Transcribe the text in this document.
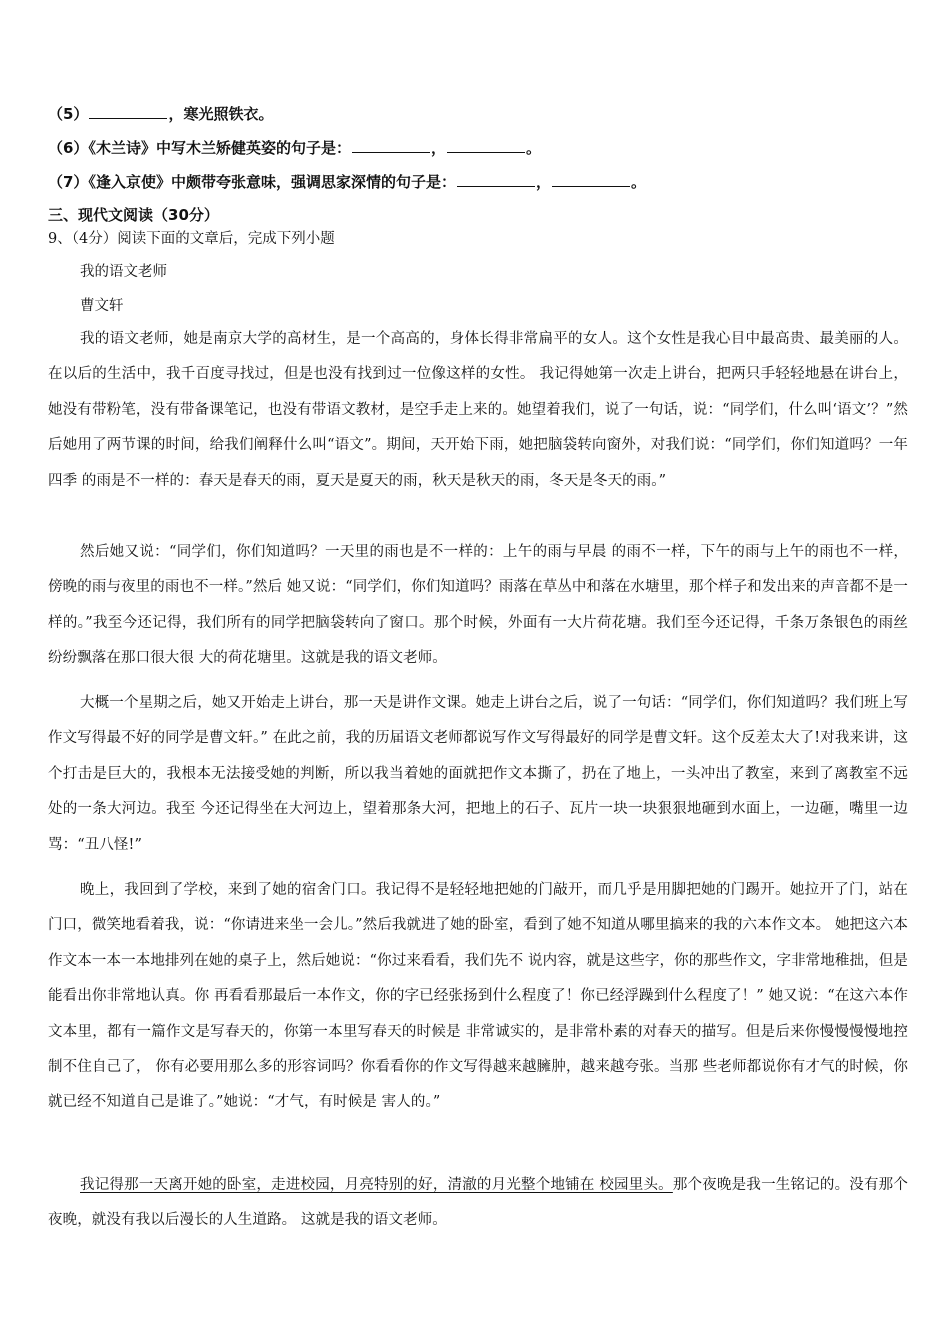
（5）	，寒光照铁衣。
（6）《木兰诗》中写木兰矫健英姿的句子是：	，	。
（7）《逢入京使》中颇带夸张意味，强调思家深情的句子是：	，	。
三、现代文阅读（30分）
9、（4分）阅读下面的文章后，完成下列小题
我的语文老师
曹文轩

我的语文老师，她是南京大学的高材生，是一个高高的，身体长得非常扁平的女人。这个女性是我心目中最高贵、最美丽的人。在以后的生活中，我千百度寻找过，但是也没有找到过一位像这样的女性。 我记得她第一次走上讲台，把两只手轻轻地悬在讲台上，她没有带粉笔，没有带备课笔记，也没有带语文教材，是空手走上来的。她望着我们，说了一句话，说：“同学们，什么叫‘语文’？”然后她用了两节课的时间，给我们阐释什么叫“语文”。期间，天开始下雨，她把脑袋转向窗外，对我们说：“同学们，你们知道吗？一年四季 的雨是不一样的：春天是春天的雨，夏天是夏天的雨，秋天是秋天的雨，冬天是冬天的雨。”

然后她又说：“同学们，你们知道吗？一天里的雨也是不一样的：上午的雨与早晨 的雨不一样，下午的雨与上午的雨也不一样，傍晚的雨与夜里的雨也不一样。”然后 她又说：“同学们，你们知道吗？雨落在草丛中和落在水塘里，那个样子和发出来的声音都不是一样的。”我至今还记得，我们所有的同学把脑袋转向了窗口。那个时候，外面有一大片荷花塘。我们至今还记得，千条万条银色的雨丝纷纷飘落在那口很大很 大的荷花塘里。这就是我的语文老师。

大概一个星期之后，她又开始走上讲台，那一天是讲作文课。她走上讲台之后，说了一句话：“同学们，你们知道吗？我们班上写作文写得最不好的同学是曹文轩。” 在此之前，我的历届语文老师都说写作文写得最好的同学是曹文轩。这个反差太大了!对我来讲，这个打击是巨大的，我根本无法接受她的判断，所以我当着她的面就把作文本撕了，扔在了地上，一头冲出了教室，来到了离教室不远处的一条大河边。我至 今还记得坐在大河边上，望着那条大河，把地上的石子、瓦片一块一块狠狠地砸到水面上，一边砸，嘴里一边骂：“丑八怪!”

晚上，我回到了学校，来到了她的宿舍门口。我记得不是轻轻地把她的门敲开，而几乎是用脚把她的门踢开。她拉开了门，站在门口，微笑地看着我，说：“你请进来坐一会儿。”然后我就进了她的卧室，看到了她不知道从哪里搞来的我的六本作文本。 她把这六本作文本一本一本地排列在她的桌子上，然后她说：“你过来看看，我们先不 说内容，就是这些字，你的那些作文，字非常地稚拙，但是能看出你非常地认真。你 再看看那最后一本作文，你的字已经张扬到什么程度了！你已经浮躁到什么程度了！” 她又说：“在这六本作文本里，都有一篇作文是写春天的，你第一本里写春天的时候是 非常诚实的，是非常朴素的对春天的描写。但是后来你慢慢慢慢地控制不住自己了， 你有必要用那么多的形容词吗？你看看你的作文写得越来越臃肿，越来越夸张。当那 些老师都说你有才气的时候，你就已经不知道自己是谁了。”她说：“才气，有时候是 害人的。”

我记得那一天离开她的卧室，走进校园，月亮特别的好，清澈的月光整个地铺在 校园里头。那个夜晚是我一生铭记的。没有那个夜晚，就没有我以后漫长的人生道路。 这就是我的语文老师。
